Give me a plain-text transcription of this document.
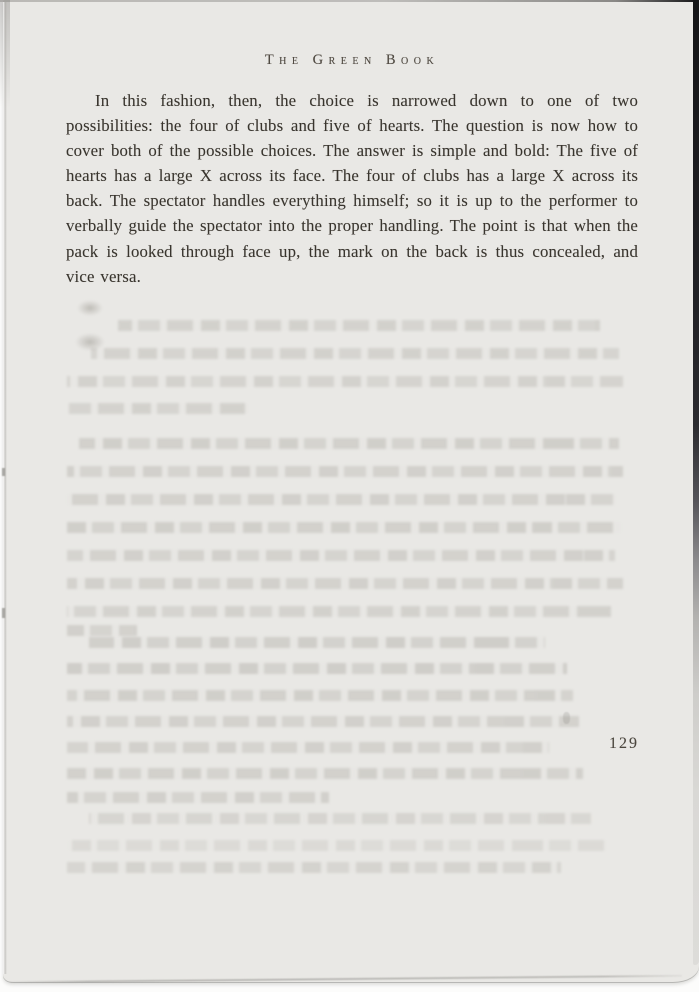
The Green Book

In this fashion, then, the choice is narrowed down to one of two possibilities: the four of clubs and five of hearts. The question is now how to cover both of the possible choices. The answer is simple and bold: The five of hearts has a large X across its face. The four of clubs has a large X across its back. The spectator handles everything himself; so it is up to the performer to verbally guide the spectator into the proper handling. The point is that when the pack is looked through face up, the mark on the back is thus concealed, and vice versa.

129
